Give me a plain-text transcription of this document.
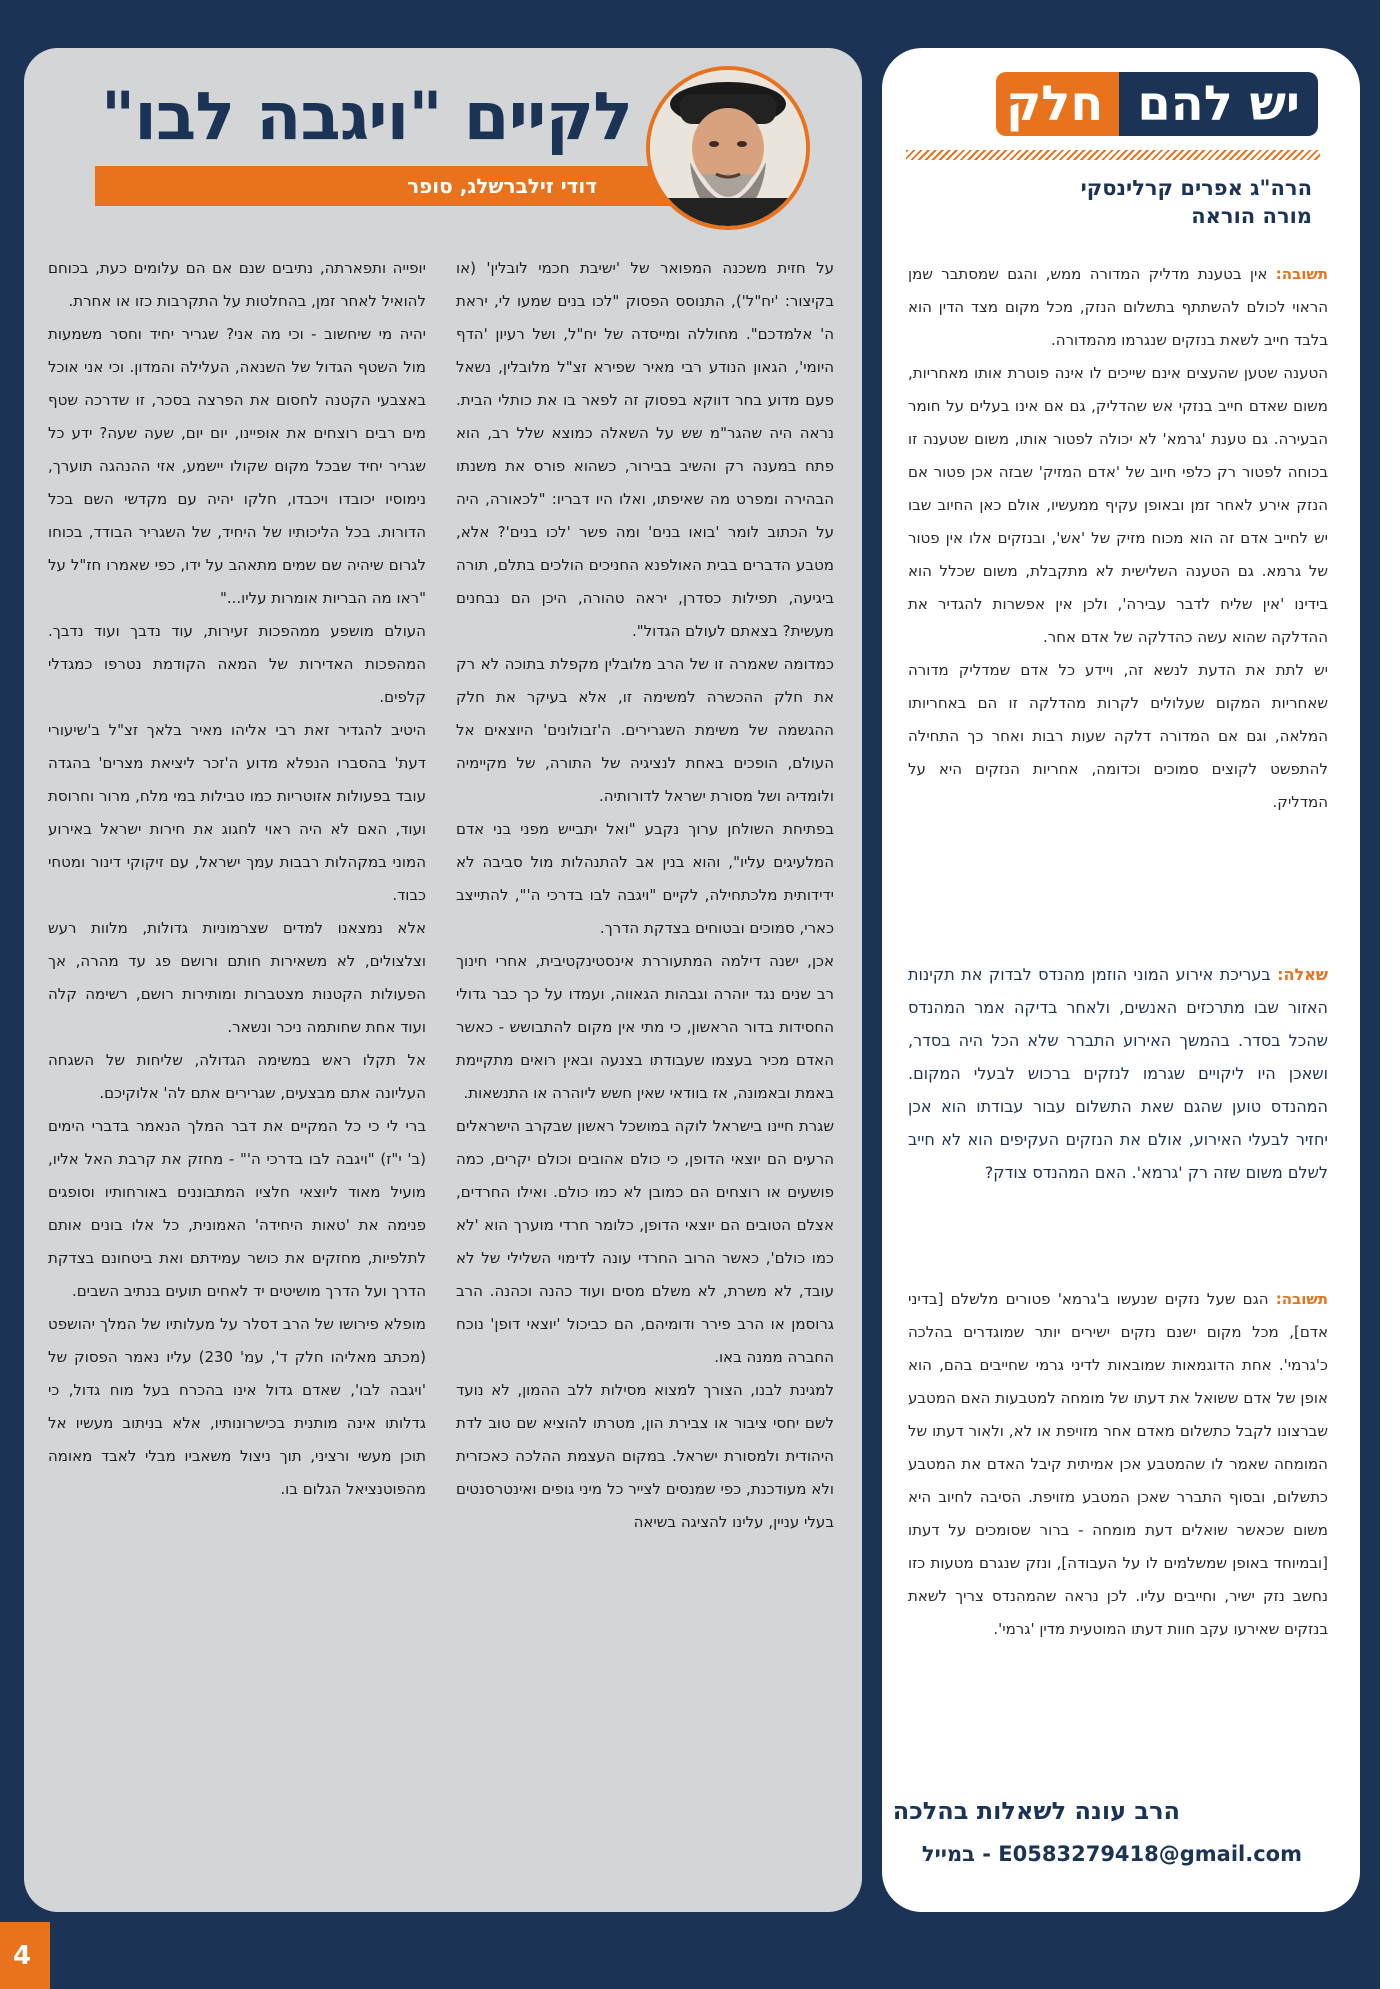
4
יש להם
חלק
הרה"ג אפרים קרלינסקי
מורה הוראה

תשובה: אין בטענת מדליק המדורה ממש, והגם שמסתבר שמן הראוי לכולם להשתתף בתשלום הנזק, מכל מקום מצד הדין הוא בלבד חייב לשאת בנזקים שנגרמו מהמדורה.

הטענה שטען שהעצים אינם שייכים לו אינה פוטרת אותו מאחריות, משום שאדם חייב בנזקי אש שהדליק, גם אם אינו בעלים על חומר הבעירה. גם טענת 'גרמא' לא יכולה לפטור אותו, משום שטענה זו בכוחה לפטור רק כלפי חיוב של 'אדם המזיק' שבזה אכן פטור אם הנזק אירע לאחר זמן ובאופן עקיף ממעשיו, אולם כאן החיוב שבו יש לחייב אדם זה הוא מכוח מזיק של 'אש', ובנזקים אלו אין פטור של גרמא. גם הטענה השלישית לא מתקבלת, משום שכלל הוא בידינו 'אין שליח לדבר עבירה', ולכן אין אפשרות להגדיר את ההדלקה שהוא עשה כהדלקה של אדם אחר.

יש לתת את הדעת לנשא זה, ויידע כל אדם שמדליק מדורה שאחריות המקום שעלולים לקרות מהדלקה זו הם באחריותו המלאה, וגם אם המדורה דלקה שעות רבות ואחר כך התחילה להתפשט לקוצים סמוכים וכדומה, אחריות הנזקים היא על המדליק.

שאלה: בעריכת אירוע המוני הוזמן מהנדס לבדוק את תקינות האזור שבו מתרכזים האנשים, ולאחר בדיקה אמר המהנדס שהכל בסדר. בהמשך האירוע התברר שלא הכל היה בסדר, ושאכן היו ליקויים שגרמו לנזקים ברכוש לבעלי המקום. המהנדס טוען שהגם שאת התשלום עבור עבודתו הוא אכן יחזיר לבעלי האירוע, אולם את הנזקים העקיפים הוא לא חייב לשלם משום שזה רק 'גרמא'. האם המהנדס צודק?

תשובה: הגם שעל נזקים שנעשו ב'גרמא' פטורים מלשלם [בדיני אדם], מכל מקום ישנם נזקים ישירים יותר שמוגדרים בהלכה כ'גרמי'. אחת הדוגמאות שמובאות לדיני גרמי שחייבים בהם, הוא אופן של אדם ששואל את דעתו של מומחה למטבעות האם המטבע שברצונו לקבל כתשלום מאדם אחר מזויפת או לא, ולאור דעתו של המומחה שאמר לו שהמטבע אכן אמיתית קיבל האדם את המטבע כתשלום, ובסוף התברר שאכן המטבע מזויפת. הסיבה לחיוב היא משום שכאשר שואלים דעת מומחה - ברור שסומכים על דעתו [ובמיוחד באופן שמשלמים לו על העבודה], ונזק שנגרם מטעות כזו נחשב נזק ישיר, וחייבים עליו. לכן נראה שהמהנדס צריך לשאת בנזקים שאירעו עקב חוות דעתו המוטעית מדין 'גרמי'.

הרב עונה לשאלות בהלכה
במייל - E0583279418@gmail.com
לקיים "ויגבה לבו"
דודי זילברשלג, סופר

על חזית משכנה המפואר של 'ישיבת חכמי לובלין' (או בקיצור: 'יח"ל'), התנוסס הפסוק "לכו בנים שמעו לי, יראת ה' אלמדכם". מחוללה ומייסדה של יח"ל, ושל רעיון 'הדף היומי', הגאון הנודע רבי מאיר שפירא זצ"ל מלובלין, נשאל פעם מדוע בחר דווקא בפסוק זה לפאר בו את כותלי הבית. נראה היה שהגר"מ שש על השאלה כמוצא שלל רב, הוא פתח במענה רק והשיב בבירור, כשהוא פורס את משנתו הבהירה ומפרט מה שאיפתו, ואלו היו דבריו: "לכאורה, היה על הכתוב לומר 'בואו בנים' ומה פשר 'לכו בנים'? אלא, מטבע הדברים בבית האולפנא החניכים הולכים בתלם, תורה ביגיעה, תפילות כסדרן, יראה טהורה, היכן הם נבחנים מעשית? בצאתם לעולם הגדול".

כמדומה שאמרה זו של הרב מלובלין מקפלת בתוכה לא רק את חלק ההכשרה למשימה זו, אלא בעיקר את חלק ההגשמה של משימת השגרירים. ה'זבולונים' היוצאים אל העולם, הופכים באחת לנציגיה של התורה, של מקיימיה ולומדיה ושל מסורת ישראל לדורותיה.

בפתיחת השולחן ערוך נקבע "ואל יתבייש מפני בני אדם המלעיגים עליו", והוא בנין אב להתנהלות מול סביבה לא ידידותית מלכתחילה, לקיים "ויגבה לבו בדרכי ה'", להתייצב כארי, סמוכים ובטוחים בצדקת הדרך.

אכן, ישנה דילמה המתעוררת אינסטינקטיבית, אחרי חינוך רב שנים נגד יוהרה וגבהות הגאווה, ועמדו על כך כבר גדולי החסידות בדור הראשון, כי מתי אין מקום להתבושש - כאשר האדם מכיר בעצמו שעבודתו בצנעה ובאין רואים מתקיימת באמת ובאמונה, אז בוודאי שאין חשש ליוהרה או התנשאות.

שגרת חיינו בישראל לוקה במושכל ראשון שבקרב הישראלים הרעים הם יוצאי הדופן, כי כולם אהובים וכולם יקרים, כמה פושעים או רוצחים הם כמובן לא כמו כולם. ואילו החרדים, אצלם הטובים הם יוצאי הדופן, כלומר חרדי מוערך הוא 'לא כמו כולם', כאשר הרוב החרדי עונה לדימוי השלילי של לא עובד, לא משרת, לא משלם מסים ועוד כהנה וכהנה. הרב גרוסמן או הרב פירר ודומיהם, הם כביכול 'יוצאי דופן' נוכח החברה ממנה באו.

למגינת לבנו, הצורך למצוא מסילות ללב ההמון, לא נועד לשם יחסי ציבור או צבירת הון, מטרתו להוציא שם טוב לדת היהודית ולמסורת ישראל. במקום העצמת ההלכה כאכזרית ולא מעודכנת, כפי שמנסים לצייר כל מיני גופים ואינטרסנטים בעלי עניין, עלינו להציגה בשיאה

יופייה ותפארתה, נתיבים שנם אם הם עלומים כעת, בכוחם להואיל לאחר זמן, בהחלטות על התקרבות כזו או אחרת.

יהיה מי שיחשוב - וכי מה אני? שגריר יחיד וחסר משמעות מול השטף הגדול של השנאה, העלילה והמדון. וכי אני אוכל באצבעי הקטנה לחסום את הפרצה בסכר, זו שדרכה שטף מים רבים רוצחים את אופיינו, יום יום, שעה שעה? ידע כל שגריר יחיד שבכל מקום שקולו יישמע, אזי ההנהגה תוערך, נימוסיו יכובדו ויכבדו, חלקו יהיה עם מקדשי השם בכל הדורות. בכל הליכותיו של היחיד, של השגריר הבודד, בכוחו לגרום שיהיה שם שמים מתאהב על ידו, כפי שאמרו חז"ל על "ראו מה הבריות אומרות עליו..."

העולם מושפע ממהפכות זעירות, עוד נדבך ועוד נדבך. המהפכות האדירות של המאה הקודמת נטרפו כמגדלי קלפים.

היטיב להגדיר זאת רבי אליהו מאיר בלאך זצ"ל ב'שיעורי דעת' בהסברו הנפלא מדוע ה'זכר ליציאת מצרים' בהגדה עובד בפעולות אזוטריות כמו טבילות במי מלח, מרור וחרוסת ועוד, האם לא היה ראוי לחגוג את חירות ישראל באירוע המוני במקהלות רבבות עמך ישראל, עם זיקוקי דינור ומטחי כבוד.

אלא נמצאנו למדים שצרמוניות גדולות, מלוות רעש וצלצולים, לא משאירות חותם ורושם פג עד מהרה, אך הפעולות הקטנות מצטברות ומותירות רושם, רשימה קלה ועוד אחת שחותמה ניכר ונשאר.

אל תקלו ראש במשימה הגדולה, שליחות של השגחה העליונה אתם מבצעים, שגרירים אתם לה' אלוקיכם.

ברי לי כי כל המקיים את דבר המלך הנאמר בדברי הימים (ב' י"ז) "ויגבה לבו בדרכי ה'" - מחזק את קרבת האל אליו, מועיל מאוד ליוצאי חלציו המתבוננים באורחותיו וסופגים פנימה את 'טאות היחידה' האמונית, כל אלו בונים אותם לתלפיות, מחזקים את כושר עמידתם ואת ביטחונם בצדקת הדרך ועל הדרך מושיטים יד לאחים תועים בנתיב השבים.

מופלא פירושו של הרב דסלר על מעלותיו של המלך יהושפט (מכתב מאליהו חלק ד', עמ' 230) עליו נאמר הפסוק של 'ויגבה לבו', שאדם גדול אינו בהכרח בעל מוח גדול, כי גדלותו אינה מותנית בכישרונותיו, אלא בניתוב מעשיו אל תוכן מעשי ורציני, תוך ניצול משאביו מבלי לאבד מאומה מהפוטנציאל הגלום בו.
